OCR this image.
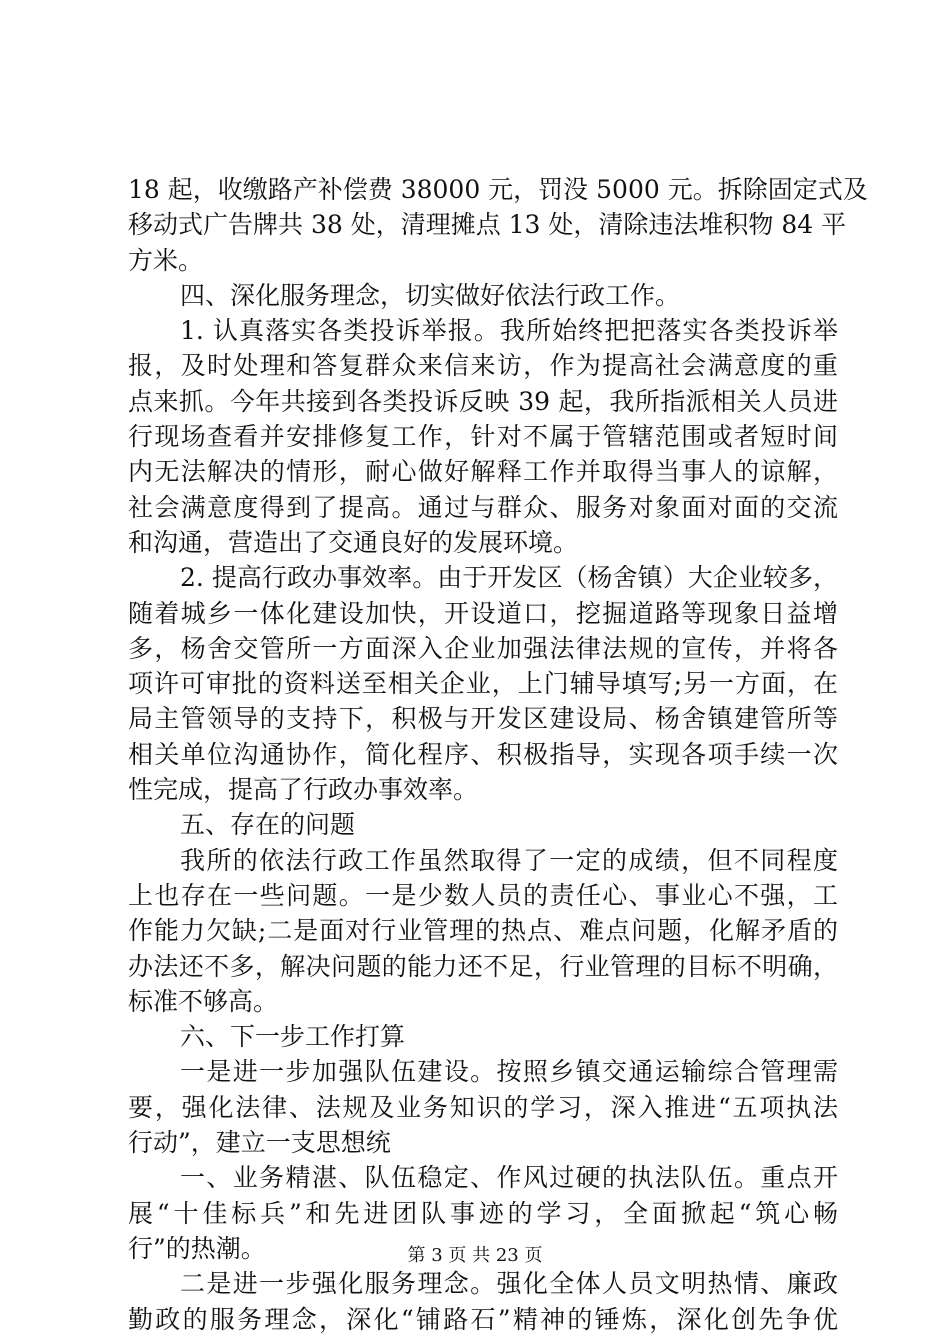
18 起，收缴路产补偿费 38000 元，罚没 5000 元。拆除固定式及
移动式广告牌共 38 处，清理摊点 13 处，清除违法堆积物 84 平
方米。
四、深化服务理念，切实做好依法行政工作。
1. 认真落实各类投诉举报。我所始终把把落实各类投诉举
报，及时处理和答复群众来信来访，作为提高社会满意度的重
点来抓。今年共接到各类投诉反映 39 起，我所指派相关人员进
行现场查看并安排修复工作，针对不属于管辖范围或者短时间
内无法解决的情形，耐心做好解释工作并取得当事人的谅解，
社会满意度得到了提高。通过与群众、服务对象面对面的交流
和沟通，营造出了交通良好的发展环境。
2. 提高行政办事效率。由于开发区（杨舍镇）大企业较多，
随着城乡一体化建设加快，开设道口，挖掘道路等现象日益增
多，杨舍交管所一方面深入企业加强法律法规的宣传，并将各
项许可审批的资料送至相关企业，上门辅导填写;另一方面，在
局主管领导的支持下，积极与开发区建设局、杨舍镇建管所等
相关单位沟通协作，简化程序、积极指导，实现各项手续一次
性完成，提高了行政办事效率。
五、存在的问题
我所的依法行政工作虽然取得了一定的成绩，但不同程度
上也存在一些问题。一是少数人员的责任心、事业心不强，工
作能力欠缺;二是面对行业管理的热点、难点问题，化解矛盾的
办法还不多，解决问题的能力还不足，行业管理的目标不明确，
标准不够高。
六、下一步工作打算
一是进一步加强队伍建设。按照乡镇交通运输综合管理需
要，强化法律、法规及业务知识的学习，深入推进“五项执法
行动”，建立一支思想统
一、业务精湛、队伍稳定、作风过硬的执法队伍。重点开
展“十佳标兵”和先进团队事迹的学习，全面掀起“筑心畅
行”的热潮。
二是进一步强化服务理念。强化全体人员文明热情、廉政
勤政的服务理念，深化“铺路石”精神的锤炼，深化创先争优
第 3 页 共 23 页
